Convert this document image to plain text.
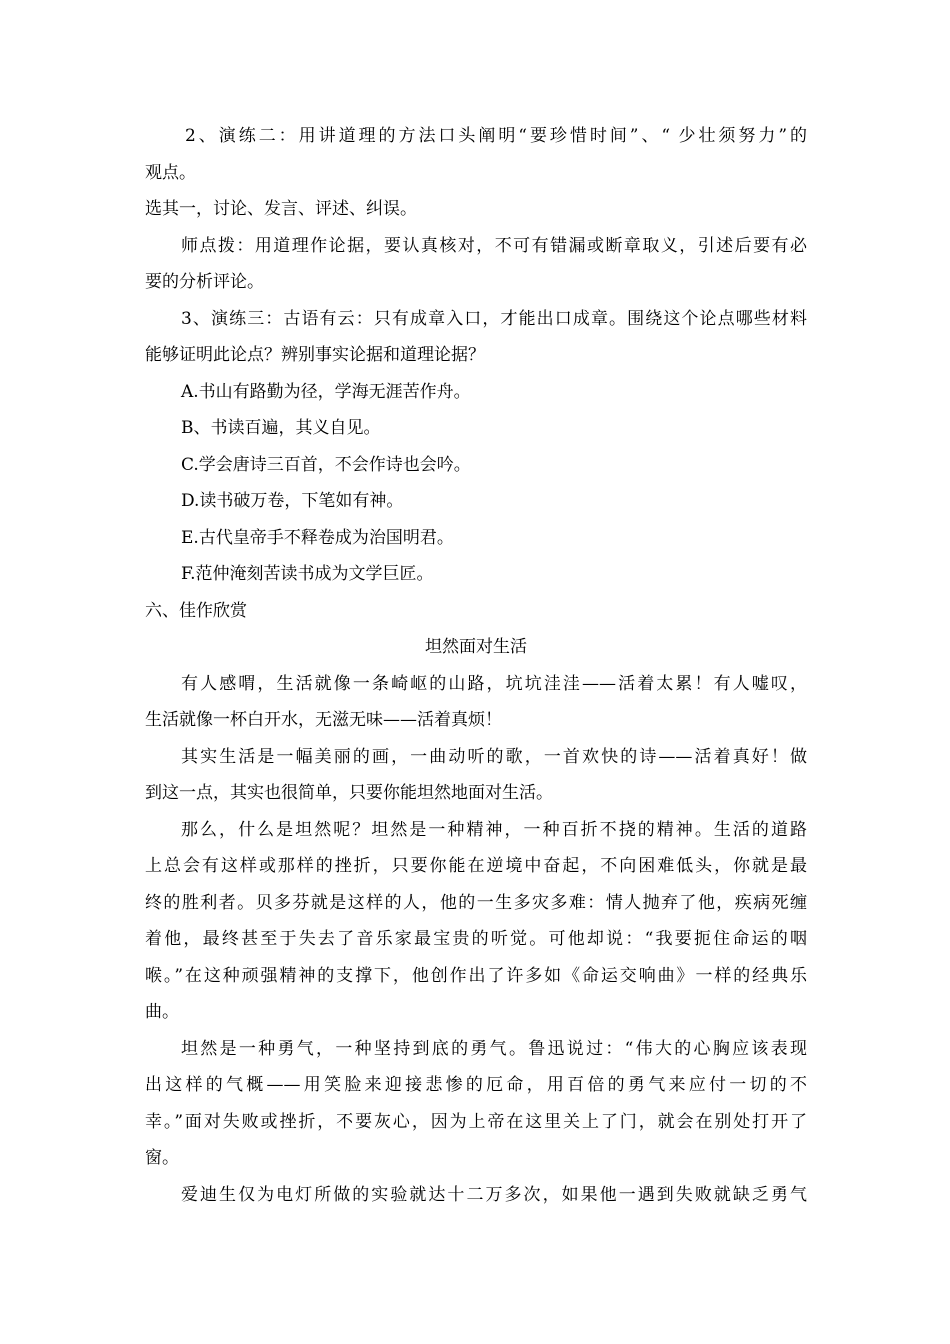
2、演练二：用讲道理的方法口头阐明“要珍惜时间”、“ 少壮须努力”的
观点。
选其一，讨论、发言、评述、纠误。
师点拨：用道理作论据，要认真核对，不可有错漏或断章取义，引述后要有必
要的分析评论。
3、演练三：古语有云：只有成章入口，才能出口成章。围绕这个论点哪些材料
能够证明此论点？辨别事实论据和道理论据？
A.书山有路勤为径，学海无涯苦作舟。
B、书读百遍，其义自见。
C.学会唐诗三百首，不会作诗也会吟。
D.读书破万卷，下笔如有神。
E.古代皇帝手不释卷成为治国明君。
F.范仲淹刻苦读书成为文学巨匠。
六、佳作欣赏
坦然面对生活
有人感喟，生活就像一条崎岖的山路，坑坑洼洼——活着太累！有人嘘叹，
生活就像一杯白开水，无滋无味——活着真烦！
其实生活是一幅美丽的画，一曲动听的歌，一首欢快的诗——活着真好！做
到这一点，其实也很简单，只要你能坦然地面对生活。
那么，什么是坦然呢？坦然是一种精神，一种百折不挠的精神。生活的道路
上总会有这样或那样的挫折，只要你能在逆境中奋起，不向困难低头，你就是最
终的胜利者。贝多芬就是这样的人，他的一生多灾多难：情人抛弃了他，疾病死缠
着他，最终甚至于失去了音乐家最宝贵的听觉。可他却说：“我要扼住命运的咽
喉。”在这种顽强精神的支撑下，他创作出了许多如《命运交响曲》一样的经典乐
曲。
坦然是一种勇气，一种坚持到底的勇气。鲁迅说过：“伟大的心胸应该表现
出这样的气概——用笑脸来迎接悲惨的厄命，用百倍的勇气来应付一切的不
幸。”面对失败或挫折，不要灰心，因为上帝在这里关上了门，就会在别处打开了
窗。
爱迪生仅为电灯所做的实验就达十二万多次，如果他一遇到失败就缺乏勇气
